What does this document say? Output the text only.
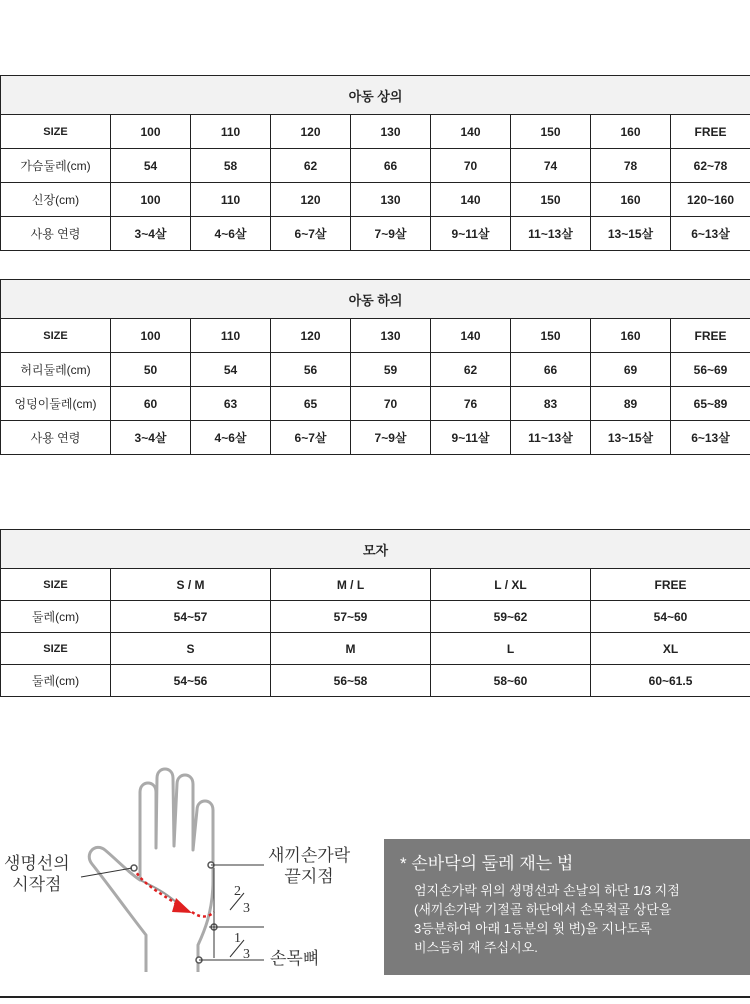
아동 상의								
SIZE	100	110	120	130	140	150	160	FREE
가슴둘레(cm)	54	58	62	66	70	74	78	62~78
신장(cm)	100	110	120	130	140	150	160	120~160
사용 연령	3~4살	4~6살	6~7살	7~9살	9~11살	11~13살	13~15살	6~13살
아동 하의								
SIZE	100	110	120	130	140	150	160	FREE
허리둘레(cm)	50	54	56	59	62	66	69	56~69
엉덩이둘레(cm)	60	63	65	70	76	83	89	65~89
사용 연령	3~4살	4~6살	6~7살	7~9살	9~11살	11~13살	13~15살	6~13살
모자				
SIZE	S / M	M / L	L / XL	FREE
둘레(cm)	54~57	57~59	59~62	54~60
SIZE	S	M	L	XL
둘레(cm)	54~56	56~58	58~60	60~61.5
2
3
1
3
생명선의
시작점
새끼손가락
끝지점
손목뼈
* 손바닥의 둘레 재는 법
엄지손가락 위의 생명선과 손날의 하단 1/3 지점
(새끼손가락 기절골 하단에서 손목척골 상단을
3등분하여 아래 1등분의 윗 변)을 지나도록
비스듬히 재 주십시오.
